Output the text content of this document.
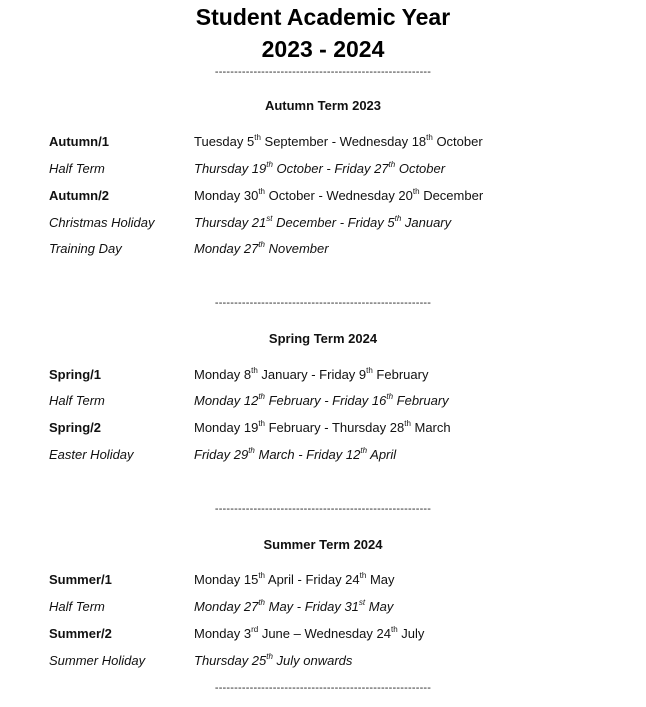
Student Academic Year
2023 - 2024
--------------------------------------------------------
Autumn Term 2023
Autumn/1	Tuesday 5th September - Wednesday 18th October
Half Term	Thursday 19th October - Friday 27th October
Autumn/2	Monday 30th October - Wednesday 20th December
Christmas Holiday	Thursday 21st December - Friday 5th January
Training Day	Monday 27th November
--------------------------------------------------------
Spring Term 2024
Spring/1	Monday 8th January - Friday 9th February
Half Term	Monday 12th February - Friday 16th February
Spring/2	Monday 19th February - Thursday 28th March
Easter Holiday	Friday 29th March - Friday 12th April
--------------------------------------------------------
Summer Term 2024
Summer/1	Monday 15th April - Friday 24th May
Half Term	Monday 27th May - Friday 31st May
Summer/2	Monday 3rd June – Wednesday 24th July
Summer Holiday	Thursday 25th July onwards
--------------------------------------------------------
